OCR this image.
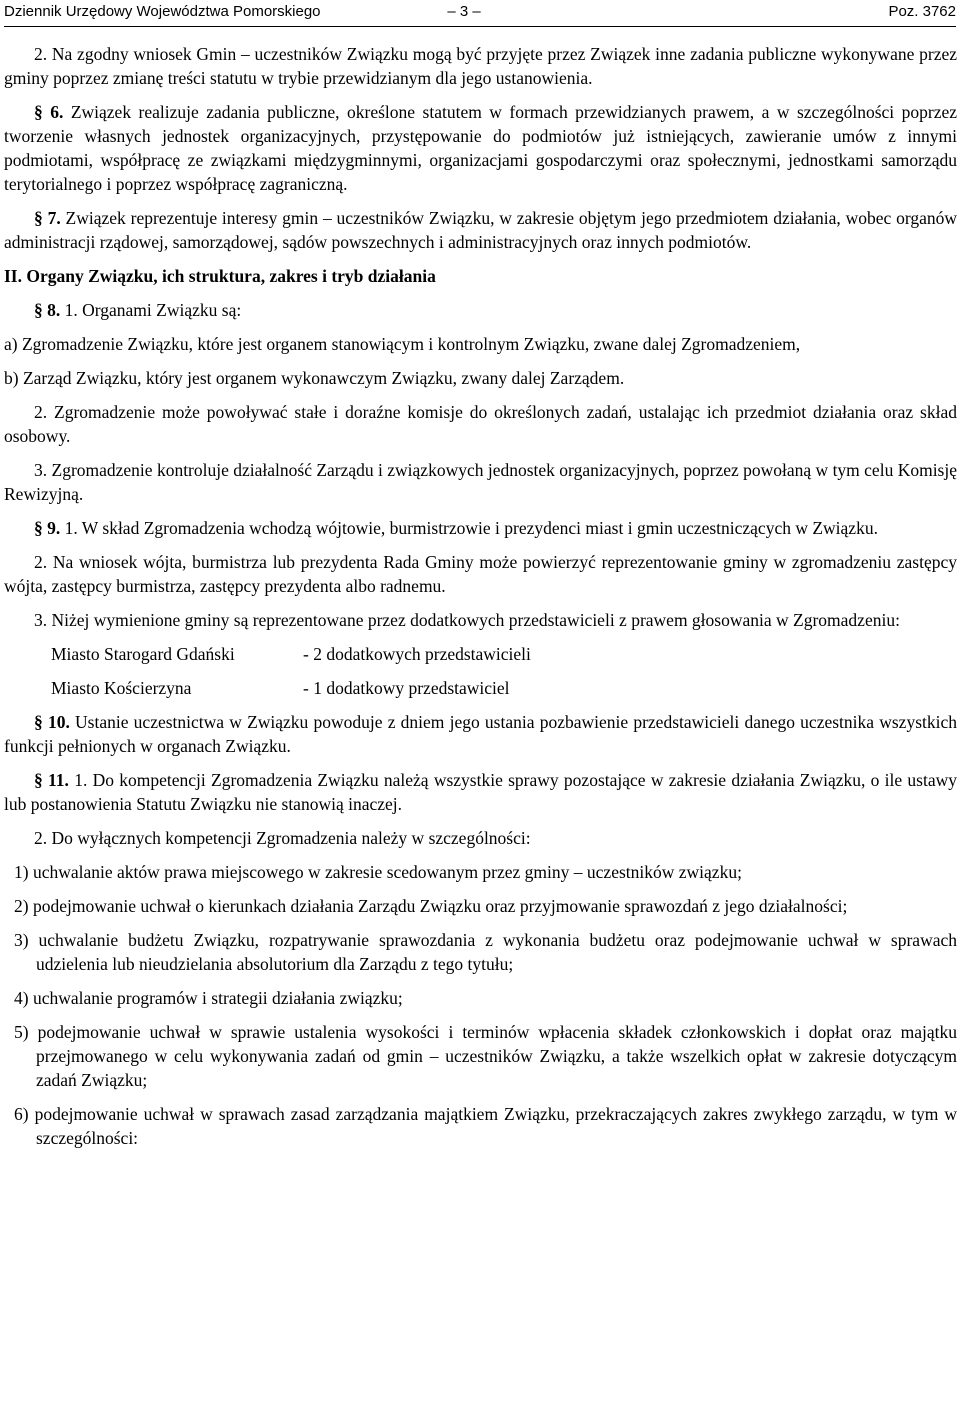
Dziennik Urzędowy Województwa Pomorskiego	– 3 –	Poz. 3762

2. Na zgodny wniosek Gmin – uczestników Związku mogą być przyjęte przez Związek inne zadania publiczne wykonywane przez gminy poprzez zmianę treści statutu w trybie przewidzianym dla jego ustanowienia.

§ 6. Związek realizuje zadania publiczne, określone statutem w formach przewidzianych prawem, a w szczególności poprzez tworzenie własnych jednostek organizacyjnych, przystępowanie do podmiotów już istniejących, zawieranie umów z innymi podmiotami, współpracę ze związkami międzygminnymi, organizacjami gospodarczymi oraz społecznymi, jednostkami samorządu terytorialnego i poprzez współpracę zagraniczną.

§ 7. Związek reprezentuje interesy gmin – uczestników Związku, w zakresie objętym jego przedmiotem działania, wobec organów administracji rządowej, samorządowej, sądów powszechnych i administracyjnych oraz innych podmiotów.

II. Organy Związku, ich struktura, zakres i tryb działania

§ 8. 1. Organami Związku są:

a) Zgromadzenie Związku, które jest organem stanowiącym i kontrolnym Związku, zwane dalej Zgromadzeniem,

b) Zarząd Związku, który jest organem wykonawczym Związku, zwany dalej Zarządem.

2. Zgromadzenie może powoływać stałe i doraźne komisje do określonych zadań, ustalając ich przedmiot działania oraz skład osobowy.

3. Zgromadzenie kontroluje działalność Zarządu i związkowych jednostek organizacyjnych, poprzez powołaną w tym celu Komisję Rewizyjną.

§ 9. 1. W skład Zgromadzenia wchodzą wójtowie, burmistrzowie i prezydenci miast i gmin uczestniczących w Związku.

2. Na wniosek wójta, burmistrza lub prezydenta Rada Gminy może powierzyć reprezentowanie gminy w zgromadzeniu zastępcy wójta, zastępcy burmistrza, zastępcy prezydenta albo radnemu.

3. Niżej wymienione gminy są reprezentowane przez dodatkowych przedstawicieli z prawem głosowania w Zgromadzeniu:

Miasto Starogard Gdański	- 2 dodatkowych przedstawicieli
Miasto Kościerzyna	- 1 dodatkowy przedstawiciel

§ 10. Ustanie uczestnictwa w Związku powoduje z dniem jego ustania pozbawienie przedstawicieli danego uczestnika wszystkich funkcji pełnionych w organach Związku.

§ 11. 1. Do kompetencji Zgromadzenia Związku należą wszystkie sprawy pozostające w zakresie działania Związku, o ile ustawy lub postanowienia Statutu Związku nie stanowią inaczej.

2. Do wyłącznych kompetencji Zgromadzenia należy w szczególności:

1) uchwalanie aktów prawa miejscowego w zakresie scedowanym przez gminy – uczestników związku;

2) podejmowanie uchwał o kierunkach działania Zarządu Związku oraz przyjmowanie sprawozdań z jego działalności;

3) uchwalanie budżetu Związku, rozpatrywanie sprawozdania z wykonania budżetu oraz podejmowanie uchwał w sprawach udzielenia lub nieudzielania absolutorium dla Zarządu z tego tytułu;

4) uchwalanie programów i strategii działania związku;

5) podejmowanie uchwał w sprawie ustalenia wysokości i terminów wpłacenia składek członkowskich i dopłat oraz majątku przejmowanego w celu wykonywania zadań od gmin – uczestników Związku, a także wszelkich opłat w zakresie dotyczącym zadań Związku;

6) podejmowanie uchwał w sprawach zasad zarządzania majątkiem Związku, przekraczających zakres zwykłego zarządu, w tym w szczególności:
